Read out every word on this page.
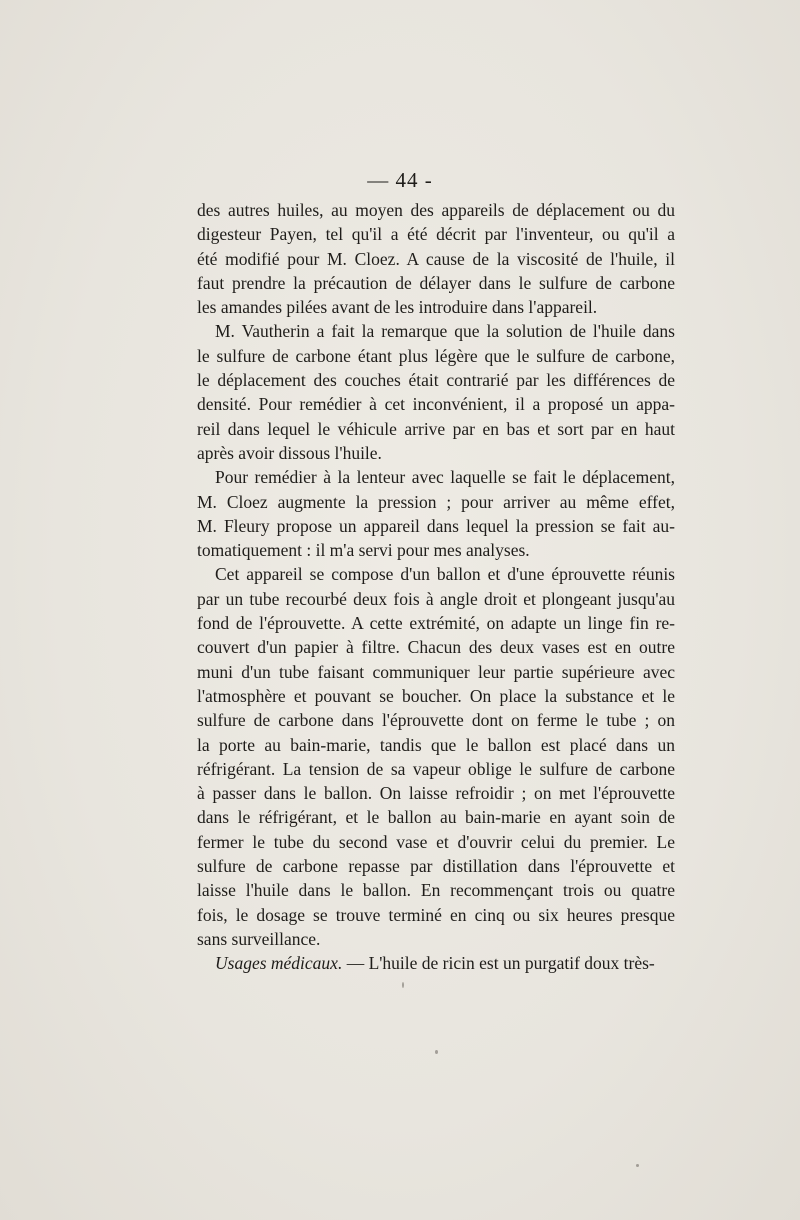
— 44 -
des autres huiles, au moyen des appareils de déplacement ou du
digesteur Payen, tel qu'il a été décrit par l'inventeur, ou qu'il a
été modifié pour M. Cloez. A cause de la viscosité de l'huile, il
faut prendre la précaution de délayer dans le sulfure de carbone
les amandes pilées avant de les introduire dans l'appareil.
M. Vautherin a fait la remarque que la solution de l'huile dans
le sulfure de carbone étant plus légère que le sulfure de carbone,
le déplacement des couches était contrarié par les différences de
densité. Pour remédier à cet inconvénient, il a proposé un appa-
reil dans lequel le véhicule arrive par en bas et sort par en haut
après avoir dissous l'huile.
Pour remédier à la lenteur avec laquelle se fait le déplacement,
M. Cloez augmente la pression ; pour arriver au même effet,
M. Fleury propose un appareil dans lequel la pression se fait au-
tomatiquement : il m'a servi pour mes analyses.
Cet appareil se compose d'un ballon et d'une éprouvette réunis
par un tube recourbé deux fois à angle droit et plongeant jusqu'au
fond de l'éprouvette. A cette extrémité, on adapte un linge fin re-
couvert d'un papier à filtre. Chacun des deux vases est en outre
muni d'un tube faisant communiquer leur partie supérieure avec
l'atmosphère et pouvant se boucher. On place la substance et le
sulfure de carbone dans l'éprouvette dont on ferme le tube ; on
la porte au bain-marie, tandis que le ballon est placé dans un
réfrigérant. La tension de sa vapeur oblige le sulfure de carbone
à passer dans le ballon. On laisse refroidir ; on met l'éprouvette
dans le réfrigérant, et le ballon au bain-marie en ayant soin de
fermer le tube du second vase et d'ouvrir celui du premier. Le
sulfure de carbone repasse par distillation dans l'éprouvette et
laisse l'huile dans le ballon. En recommençant trois ou quatre
fois, le dosage se trouve terminé en cinq ou six heures presque
sans surveillance.
Usages médicaux. — L'huile de ricin est un purgatif doux très-
